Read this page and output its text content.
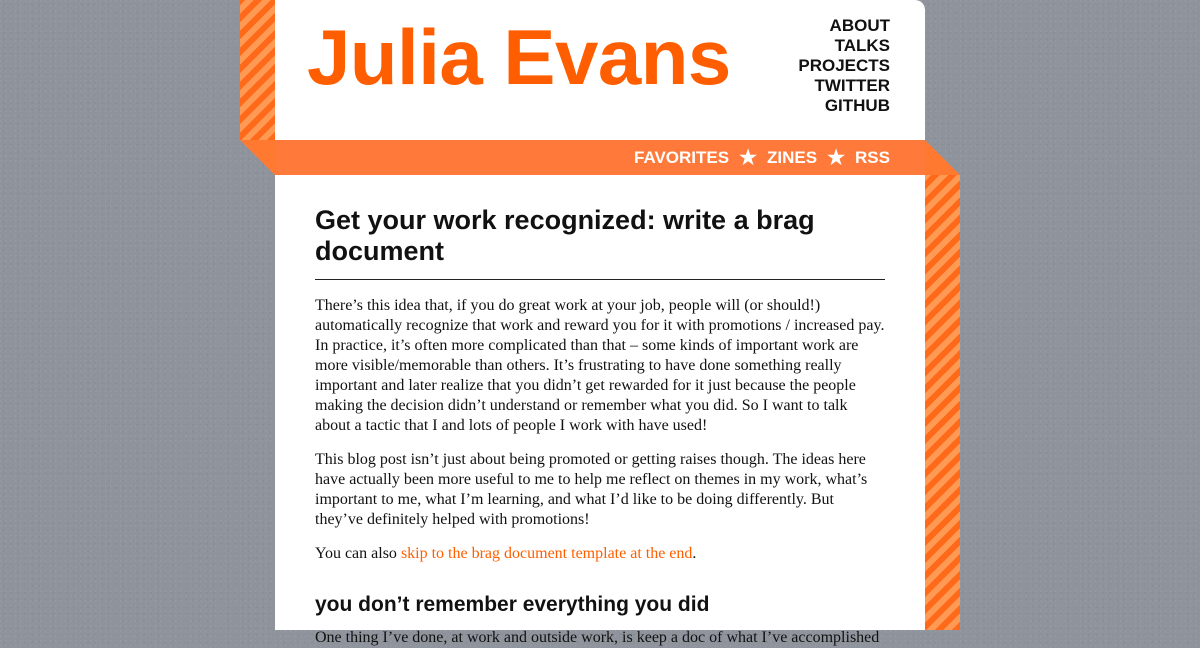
Julia Evans	ABOUT
TALKS
PROJECTS
TWITTER
GITHUB
FAVORITES ★ ZINES ★ RSS
Get your work recognized: write a brag document

There’s this idea that, if you do great work at your job, people will (or should!) automatically recognize that work and reward you for it with promotions / increased pay. In practice, it’s often more complicated than that – some kinds of important work are more visible/memorable than others. It’s frustrating to have done something really important and later realize that you didn’t get rewarded for it just because the people making the decision didn’t understand or remember what you did. So I want to talk about a tactic that I and lots of people I work with have used!

This blog post isn’t just about being promoted or getting raises though. The ideas here have actually been more useful to me to help me reflect on themes in my work, what’s important to me, what I’m learning, and what I’d like to be doing differently. But they’ve definitely helped with promotions!

You can also skip to the brag document template at the end.

you don’t remember everything you did

One thing I’ve done, at work and outside work, is keep a doc of what I’ve accomplished
